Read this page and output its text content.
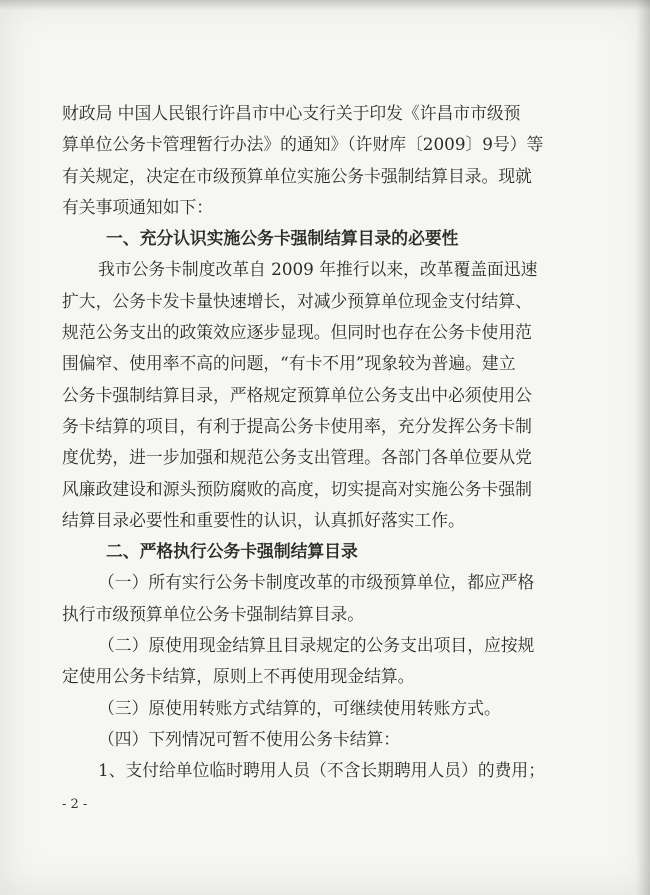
财政局 中国人民银行许昌市中心支行关于印发《许昌市市级预
算单位公务卡管理暂行办法》的通知》（许财库〔2009〕9号）等
有关规定，决定在市级预算单位实施公务卡强制结算目录。现就
有关事项通知如下：
一、充分认识实施公务卡强制结算目录的必要性
我市公务卡制度改革自 2009 年推行以来，改革覆盖面迅速
扩大，公务卡发卡量快速增长，对减少预算单位现金支付结算、
规范公务支出的政策效应逐步显现。但同时也存在公务卡使用范
围偏窄、使用率不高的问题，“有卡不用”现象较为普遍。建立
公务卡强制结算目录，严格规定预算单位公务支出中必须使用公
务卡结算的项目，有利于提高公务卡使用率，充分发挥公务卡制
度优势，进一步加强和规范公务支出管理。各部门各单位要从党
风廉政建设和源头预防腐败的高度，切实提高对实施公务卡强制
结算目录必要性和重要性的认识，认真抓好落实工作。
二、严格执行公务卡强制结算目录
（一）所有实行公务卡制度改革的市级预算单位，都应严格
执行市级预算单位公务卡强制结算目录。
（二）原使用现金结算且目录规定的公务支出项目，应按规
定使用公务卡结算，原则上不再使用现金结算。
（三）原使用转账方式结算的，可继续使用转账方式。
（四）下列情况可暂不使用公务卡结算：
1、支付给单位临时聘用人员（不含长期聘用人员）的费用；
- 2 -
